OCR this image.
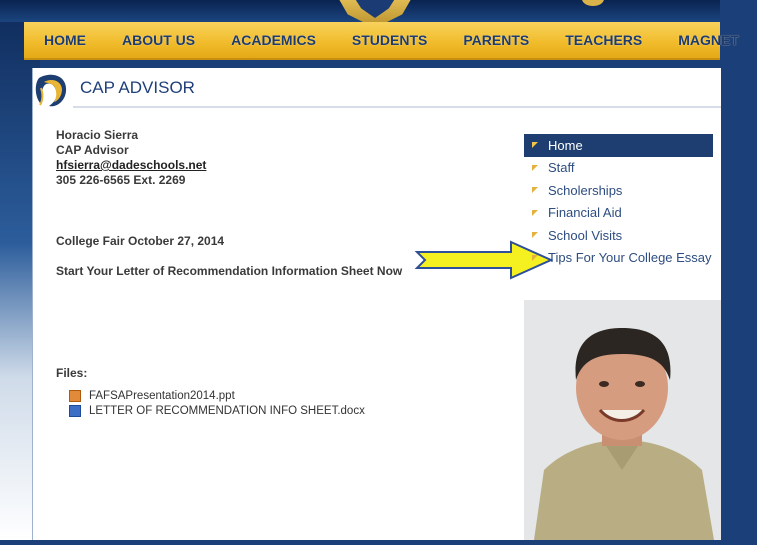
HOME	ABOUT US	ACADEMICS	STUDENTS	PARENTS	TEACHERS	MAGNET
CAP ADVISOR
Horacio Sierra
CAP Advisor
hfsierra@dadeschools.net
305 226-6565 Ext. 2269
College Fair October 27, 2014
Start Your Letter of Recommendation Information Sheet Now
Files:
FAFSAPresentation2014.ppt
LETTER OF RECOMMENDATION INFO SHEET.docx
Home
Staff
Scholerships
Financial Aid
School Visits
Tips For Your College Essay
